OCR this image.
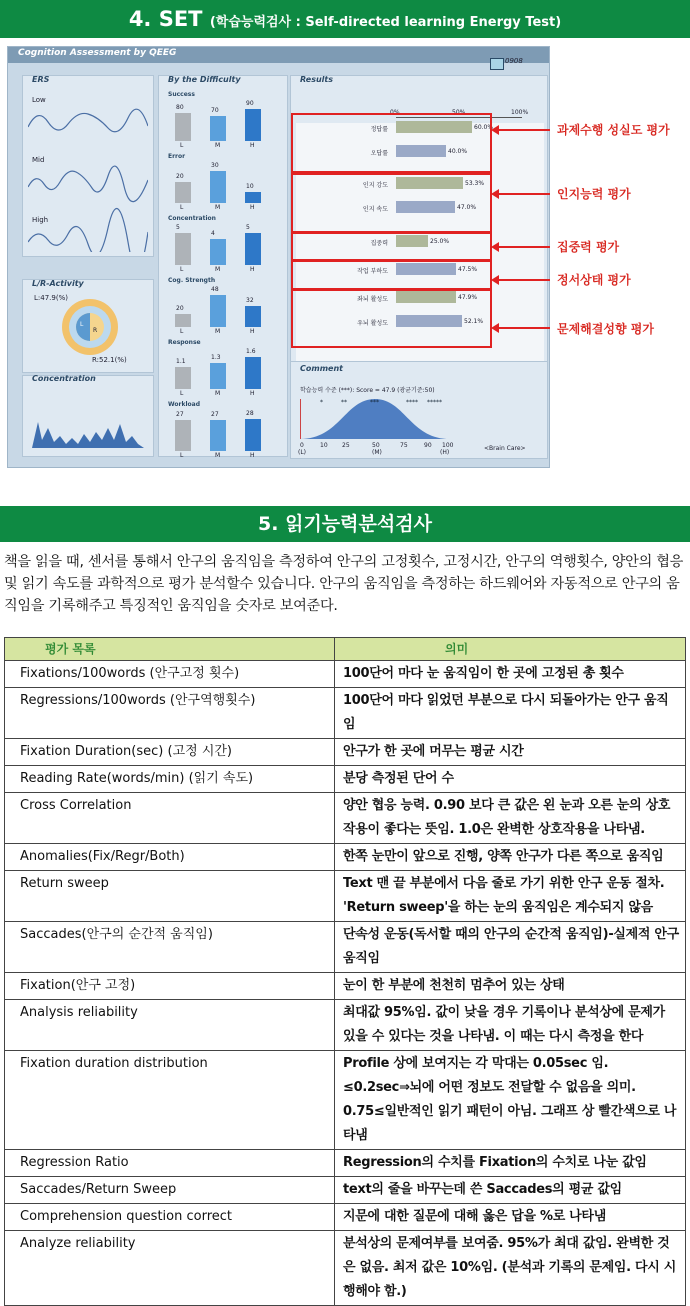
4. SET (학습능력검사 : Self-directed learning Energy Test)
Cognition Assessment by QEEG
0908
ERS
Low
Mid
High
L/R-Activity
L:47.9(%)
R:52.1(%)
L
R
Concentration
By the Difficulty
Success
80
L
70
M
90
H
Error
20
L
30
M
10
H
Concentration
5
L
4
M
5
H
Cog. Strength
20
L
48
M
32
H
Response
1.1
L
1.3
M
1.6
H
Workload
27
L
27
M
28
H
Results
0%	50%	100%
정답률	60.0%
오답률	40.0%
인지 강도	53.3%
인지 속도	47.0%
집중력	25.0%
작업 부하도	47.5%
좌뇌 활성도	47.9%
우뇌 활성도	52.1%
Comment
학습능력 수준 (***): Score = 47.9 (광균기준:50)
*	**	***	**** *****
0	10 25	50	75	90 100
(L)	(M)	(H)
<Brain Care>
과제수행 성실도 평가
인지능력 평가
집중력 평가
정서상태 평가
문제해결성향 평가
5. 읽기능력분석검사
책을 읽을 때, 센서를 통해서 안구의 움직임을 측정하여 안구의 고정횟수, 고정시간, 안구의 역행횟수, 양안의 협응 및 읽기 속도를 과학적으로 평가 분석할수 있습니다. 안구의 움직임을 측정하는 하드웨어와 자동적으로 안구의 움직임을 기록해주고 특징적인 움직임을 숫자로 보여준다.
평가 목록	의미
Fixations/100words (안구고정 횟수)	100단어 마다 눈 움직임이 한 곳에 고정된 총 횟수
Regressions/100words (안구역행횟수)	100단어 마다 읽었던 부분으로 다시 되돌아가는 안구 움직임
Fixation Duration(sec) (고정 시간)	안구가 한 곳에 머무는 평균 시간
Reading Rate(words/min) (읽기 속도)	분당 측정된 단어 수
Cross Correlation	양안 협응 능력. 0.90 보다 큰 값은 왼 눈과 오른 눈의 상호 작용이 좋다는 뜻임. 1.0은 완벽한 상호작용을 나타냄.
Anomalies(Fix/Regr/Both)	한쪽 눈만이 앞으로 진행, 양쪽 안구가 다른 쪽으로 움직임
Return sweep	Text 맨 끝 부분에서 다음 줄로 가기 위한 안구 운동 절차. 'Return sweep'을 하는 눈의 움직임은 계수되지 않음
Saccades(안구의 순간적 움직임)	단속성 운동(독서할 때의 안구의 순간적 움직임)-실제적 안구움직임
Fixation(안구 고정)	눈이 한 부분에 천천히 멈추어 있는 상태
Analysis reliability	최대값 95%임. 값이 낮을 경우 기록이나 분석상에 문제가 있을 수 있다는 것을 나타냄. 이 때는 다시 측정을 한다
Fixation duration distribution	Profile 상에 보여지는 각 막대는 0.05sec 임. ≤0.2sec⇒뇌에 어떤 정보도 전달할 수 없음을 의미. 0.75≤일반적인 읽기 패턴이 아님. 그래프 상 빨간색으로 나타냄
Regression Ratio	Regression의 수치를 Fixation의 수치로 나눈 값임
Saccades/Return Sweep	text의 줄을 바꾸는데 쓴 Saccades의 평균 값임
Comprehension question correct	지문에 대한 질문에 대해 옳은 답을 %로 나타냄
Analyze reliability	분석상의 문제여부를 보여줌. 95%가 최대 값임. 완벽한 것은 없음. 최저 값은 10%임. (분석과 기록의 문제임. 다시 시행해야 함.)
